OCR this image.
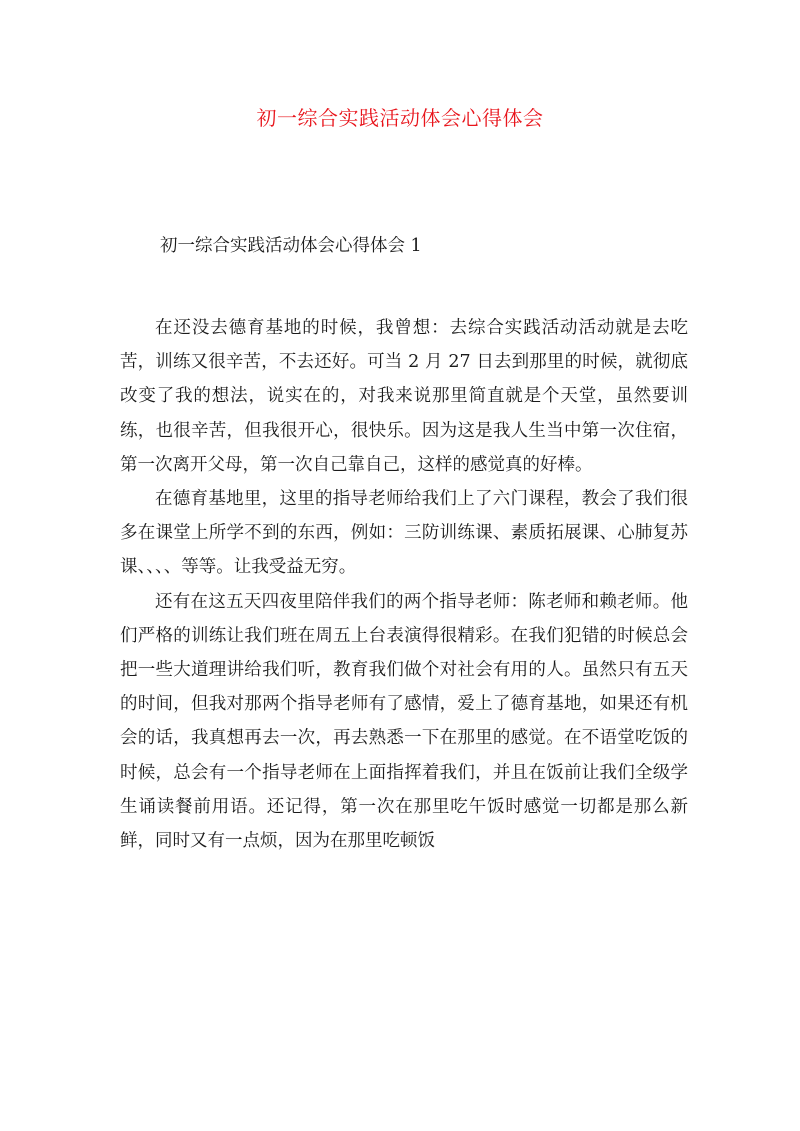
初一综合实践活动体会心得体会
初一综合实践活动体会心得体会 1

在还没去德育基地的时候，我曾想：去综合实践活动活动就是去吃苦，训练又很辛苦，不去还好。可当 2 月 27 日去到那里的时候，就彻底改变了我的想法，说实在的，对我来说那里简直就是个天堂，虽然要训练，也很辛苦，但我很开心，很快乐。因为这是我人生当中第一次住宿，第一次离开父母，第一次自己靠自己，这样的感觉真的好棒。

在德育基地里，这里的指导老师给我们上了六门课程，教会了我们很多在课堂上所学不到的东西，例如：三防训练课、素质拓展课、心肺复苏课、、、、等等。让我受益无穷。

还有在这五天四夜里陪伴我们的两个指导老师：陈老师和赖老师。他们严格的训练让我们班在周五上台表演得很精彩。在我们犯错的时候总会把一些大道理讲给我们听，教育我们做个对社会有用的人。虽然只有五天的时间，但我对那两个指导老师有了感情，爱上了德育基地，如果还有机会的话，我真想再去一次，再去熟悉一下在那里的感觉。在不语堂吃饭的时候，总会有一个指导老师在上面指挥着我们，并且在饭前让我们全级学生诵读餐前用语。还记得，第一次在那里吃午饭时感觉一切都是那么新鲜，同时又有一点烦，因为在那里吃顿饭
